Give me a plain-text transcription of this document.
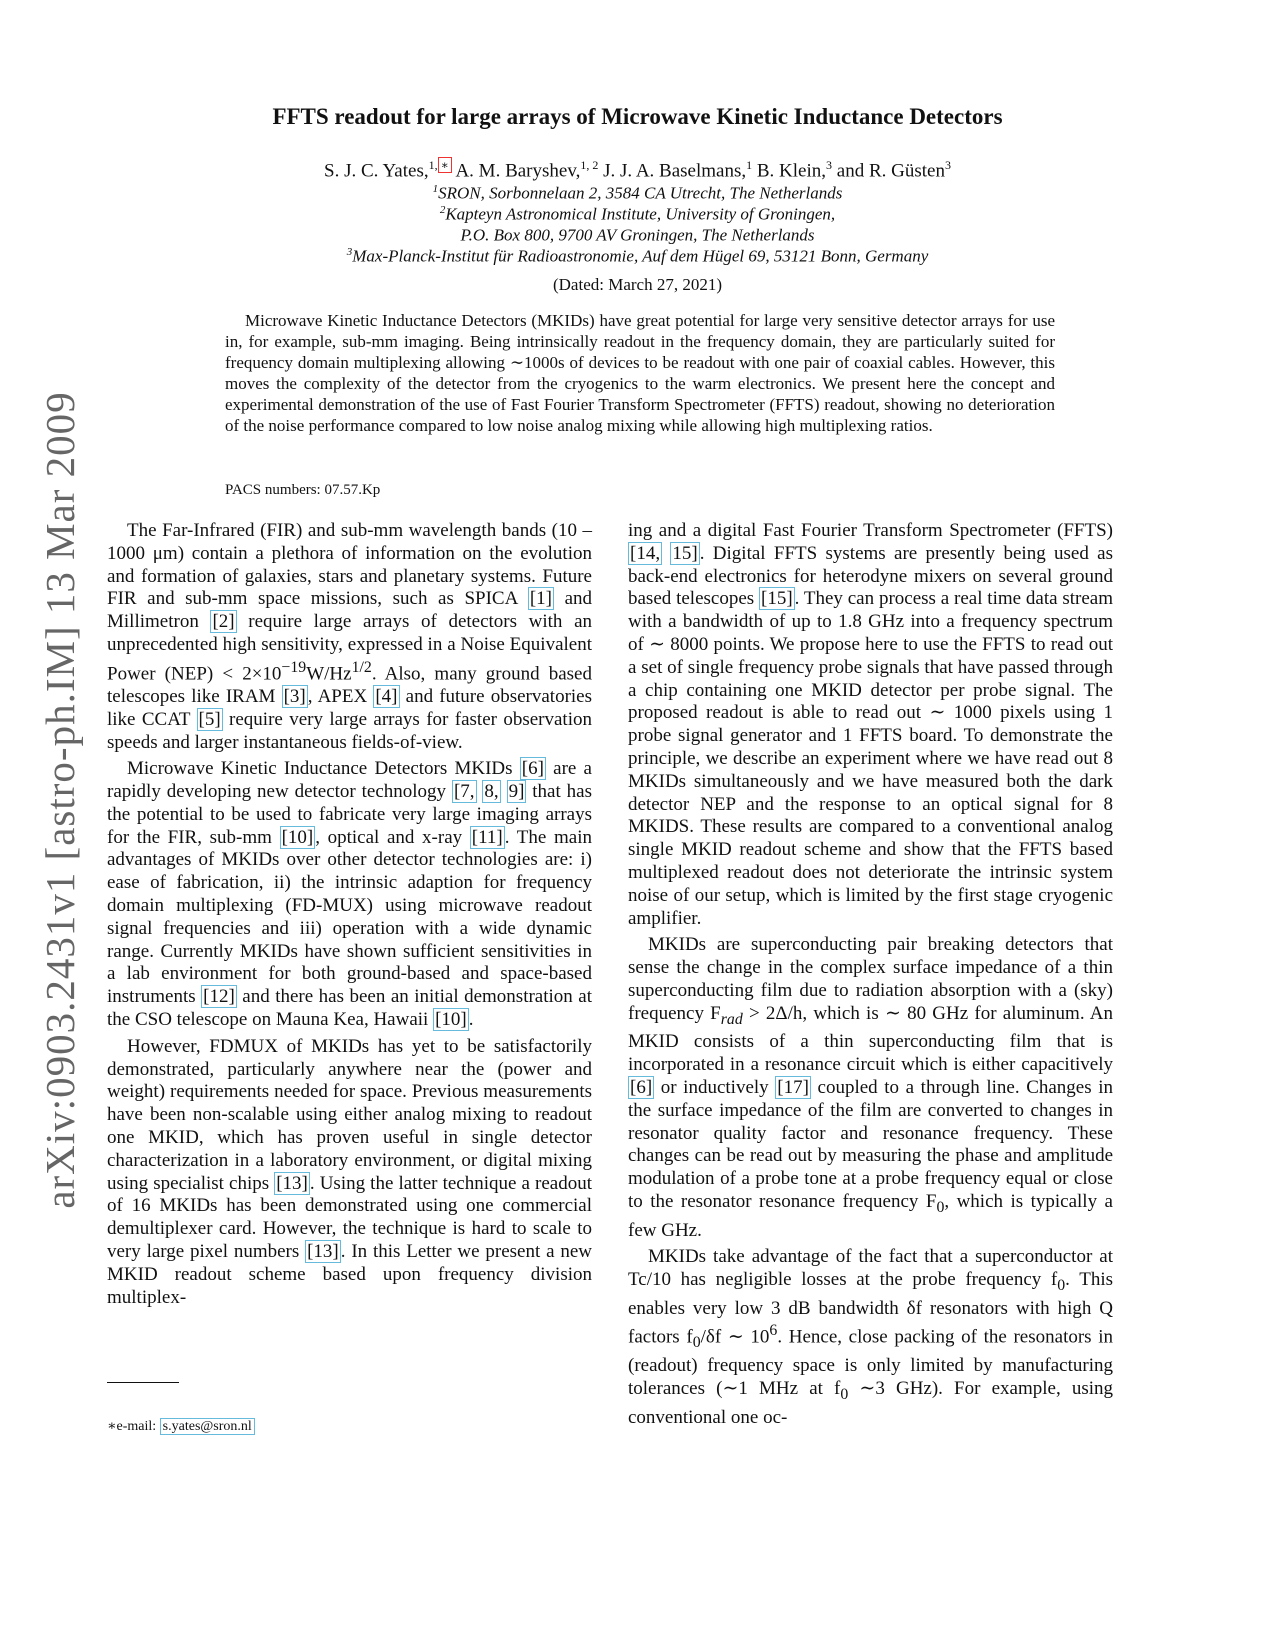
arXiv:0903.2431v1 [astro-ph.IM] 13 Mar 2009
FFTS readout for large arrays of Microwave Kinetic Inductance Detectors
S. J. C. Yates,$^{1,}$ ∗ A. M. Baryshev,$^{1, 2}$ J. J. A. Baselmans,$^1$ B. Klein,$^3$ and R. Güsten$^3$
$^1$SRON, Sorbonnelaan 2, 3584 CA Utrecht, The Netherlands
$^2$Kapteyn Astronomical Institute, University of Groningen,
P.O. Box 800, 9700 AV Groningen, The Netherlands
$^3$Max-Planck-Institut für Radioastronomie, Auf dem Hügel 69, 53121 Bonn, Germany
(Dated: March 27, 2021)

Microwave Kinetic Inductance Detectors (MKIDs) have great potential for large very sensitive detector arrays for use in, for example, sub-mm imaging. Being intrinsically readout in the frequency domain, they are particularly suited for frequency domain multiplexing allowing ∼1000s of devices to be readout with one pair of coaxial cables. However, this moves the complexity of the detector from the cryogenics to the warm electronics. We present here the concept and experimental demonstration of the use of Fast Fourier Transform Spectrometer (FFTS) readout, showing no deterioration of the noise performance compared to low noise analog mixing while allowing high multiplexing ratios.

PACS numbers: 07.57.Kp

The Far-Infrared (FIR) and sub-mm wavelength bands (10 – 1000 μm) contain a plethora of information on the evolution and formation of galaxies, stars and planetary systems. Future FIR and sub-mm space missions, such as SPICA [1] and Millimetron [2] require large arrays of detectors with an unprecedented high sensitivity, expressed in a Noise Equivalent Power $(NEP) < 2\times 10^{-19}W/Hz^{1/2}$. Also, many ground based telescopes like IRAM [3] , APEX [4] and future observatories like CCAT [5] require very large arrays for faster observation speeds and larger instantaneous fields-of-view.

Microwave Kinetic Inductance Detectors MKIDs [6] are a rapidly developing new detector technology [7, 8, 9] that has the potential to be used to fabricate very large imaging arrays for the FIR, sub-mm [10] , optical and x-ray [11] . The main advantages of MKIDs over other detector technologies are: i) ease of fabrication, ii) the intrinsic adaption for frequency domain multiplexing (FD-MUX) using microwave readout signal frequencies and iii) operation with a wide dynamic range. Currently MKIDs have shown sufficient sensitivities in a lab environment for both ground-based and space-based instruments [12] and there has been an initial demonstration at the CSO telescope on Mauna Kea, Hawaii [10] .

However, FDMUX of MKIDs has yet to be satisfactorily demonstrated, particularly anywhere near the (power and weight) requirements needed for space. Previous measurements have been non-scalable using either analog mixing to readout one MKID, which has proven useful in single detector characterization in a laboratory environment, or digital mixing using specialist chips [13] . Using the latter technique a readout of 16 MKIDs has been demonstrated using one commercial demultiplexer card. However, the technique is hard to scale to very large pixel numbers [13] . In this Letter we present a new MKID readout scheme based upon frequency division multiplex-

ing and a digital Fast Fourier Transform Spectrometer (FFTS) [14, 15] . Digital FFTS systems are presently being used as back-end electronics for heterodyne mixers on several ground based telescopes [15] . They can process a real time data stream with a bandwidth of up to 1.8 GHz into a frequency spectrum of ∼ 8000 points. We propose here to use the FFTS to read out a set of single frequency probe signals that have passed through a chip containing one MKID detector per probe signal. The proposed readout is able to read out ∼ 1000 pixels using 1 probe signal generator and 1 FFTS board. To demonstrate the principle, we describe an experiment where we have read out 8 MKIDs simultaneously and we have measured both the dark detector NEP and the response to an optical signal for 8 MKIDS. These results are compared to a conventional analog single MKID readout scheme and show that the FFTS based multiplexed readout does not deteriorate the intrinsic system noise of our setup, which is limited by the first stage cryogenic amplifier.

MKIDs are superconducting pair breaking detectors that sense the change in the complex surface impedance of a thin superconducting film due to radiation absorption with a (sky) frequency $F_{rad} > 2\Delta/h$, which is ∼ 80 GHz for aluminum. An MKID consists of a thin superconducting film that is incorporated in a resonance circuit which is either capacitively [6] or inductively [17] coupled to a through line. Changes in the surface impedance of the film are converted to changes in resonator quality factor and resonance frequency. These changes can be read out by measuring the phase and amplitude modulation of a probe tone at a probe frequency equal or close to the resonator resonance frequency $F_0$, which is typically a few GHz.

MKIDs take advantage of the fact that a superconductor at Tc/10 has negligible losses at the probe frequency $f_0$. This enables very low 3 dB bandwidth δf resonators with high Q factors $f_0/\delta f$ ∼ $10^6$. Hence, close packing of the resonators in (readout) frequency space is only limited by manufacturing tolerances (∼1 MHz at $f_0$ ∼3 GHz). For example, using conventional one oc-

∗e-mail: s.yates@sron.nl
